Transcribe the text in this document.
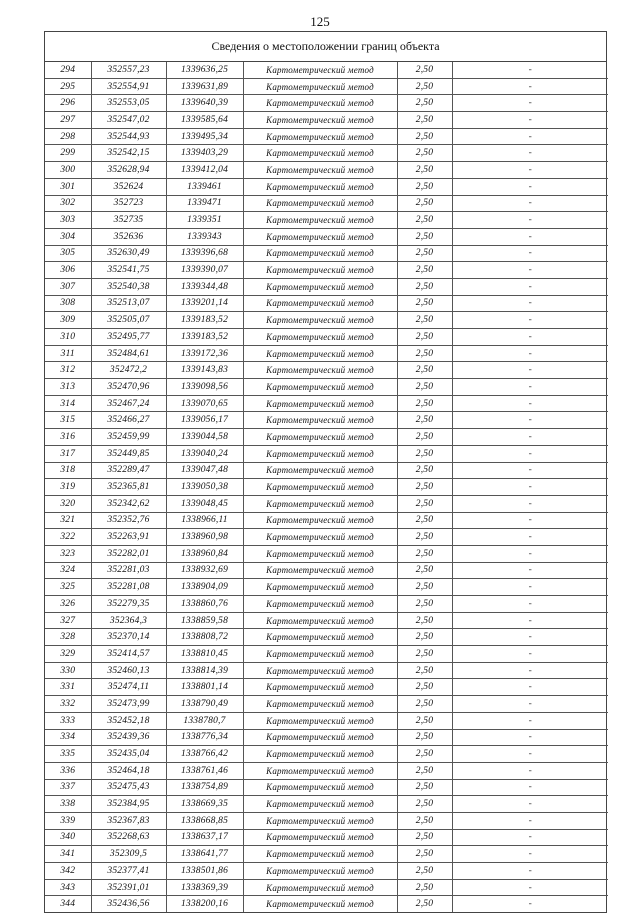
125
Сведения о местоположении границ объекта
294	352557,23	1339636,25	Картометрический метод	2,50	-
295	352554,91	1339631,89	Картометрический метод	2,50	-
296	352553,05	1339640,39	Картометрический метод	2,50	-
297	352547,02	1339585,64	Картометрический метод	2,50	-
298	352544,93	1339495,34	Картометрический метод	2,50	-
299	352542,15	1339403,29	Картометрический метод	2,50	-
300	352628,94	1339412,04	Картометрический метод	2,50	-
301	352624	1339461	Картометрический метод	2,50	-
302	352723	1339471	Картометрический метод	2,50	-
303	352735	1339351	Картометрический метод	2,50	-
304	352636	1339343	Картометрический метод	2,50	-
305	352630,49	1339396,68	Картометрический метод	2,50	-
306	352541,75	1339390,07	Картометрический метод	2,50	-
307	352540,38	1339344,48	Картометрический метод	2,50	-
308	352513,07	1339201,14	Картометрический метод	2,50	-
309	352505,07	1339183,52	Картометрический метод	2,50	-
310	352495,77	1339183,52	Картометрический метод	2,50	-
311	352484,61	1339172,36	Картометрический метод	2,50	-
312	352472,2	1339143,83	Картометрический метод	2,50	-
313	352470,96	1339098,56	Картометрический метод	2,50	-
314	352467,24	1339070,65	Картометрический метод	2,50	-
315	352466,27	1339056,17	Картометрический метод	2,50	-
316	352459,99	1339044,58	Картометрический метод	2,50	-
317	352449,85	1339040,24	Картометрический метод	2,50	-
318	352289,47	1339047,48	Картометрический метод	2,50	-
319	352365,81	1339050,38	Картометрический метод	2,50	-
320	352342,62	1339048,45	Картометрический метод	2,50	-
321	352352,76	1338966,11	Картометрический метод	2,50	-
322	352263,91	1338960,98	Картометрический метод	2,50	-
323	352282,01	1338960,84	Картометрический метод	2,50	-
324	352281,03	1338932,69	Картометрический метод	2,50	-
325	352281,08	1338904,09	Картометрический метод	2,50	-
326	352279,35	1338860,76	Картометрический метод	2,50	-
327	352364,3	1338859,58	Картометрический метод	2,50	-
328	352370,14	1338808,72	Картометрический метод	2,50	-
329	352414,57	1338810,45	Картометрический метод	2,50	-
330	352460,13	1338814,39	Картометрический метод	2,50	-
331	352474,11	1338801,14	Картометрический метод	2,50	-
332	352473,99	1338790,49	Картометрический метод	2,50	-
333	352452,18	1338780,7	Картометрический метод	2,50	-
334	352439,36	1338776,34	Картометрический метод	2,50	-
335	352435,04	1338766,42	Картометрический метод	2,50	-
336	352464,18	1338761,46	Картометрический метод	2,50	-
337	352475,43	1338754,89	Картометрический метод	2,50	-
338	352384,95	1338669,35	Картометрический метод	2,50	-
339	352367,83	1338668,85	Картометрический метод	2,50	-
340	352268,63	1338637,17	Картометрический метод	2,50	-
341	352309,5	1338641,77	Картометрический метод	2,50	-
342	352377,41	1338501,86	Картометрический метод	2,50	-
343	352391,01	1338369,39	Картометрический метод	2,50	-
344	352436,56	1338200,16	Картометрический метод	2,50	-
